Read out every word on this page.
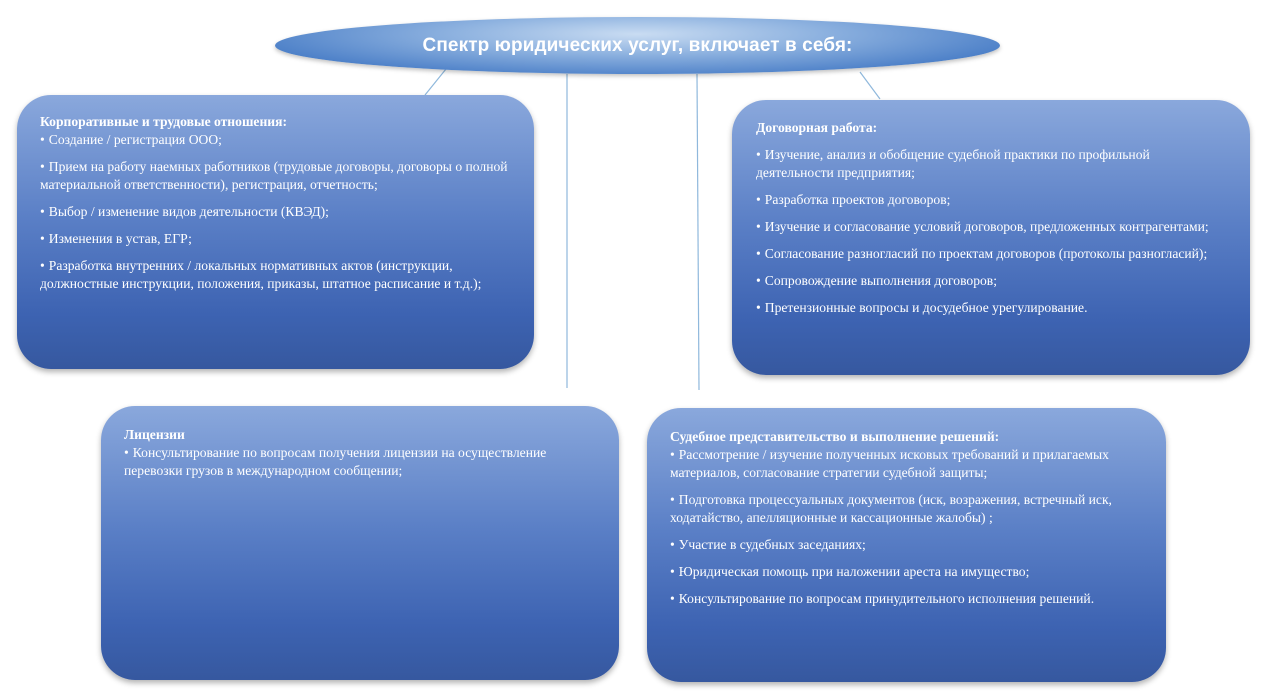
Спектр юридических услуг, включает в себя:
Корпоративные и трудовые отношения:
• Создание / регистрация ООО;
• Прием на работу наемных работников (трудовые договоры, договоры о полной материальной ответственности), регистрация, отчетность;
• Выбор / изменение видов деятельности (КВЭД);
• Изменения в устав, ЕГР;
• Разработка внутренних / локальных нормативных актов (инструкции, должностные инструкции, положения, приказы, штатное расписание и т.д.);
Договорная работа:
• Изучение, анализ и обобщение судебной практики по профильной деятельности предприятия;
• Разработка проектов договоров;
• Изучение и согласование условий договоров, предложенных контрагентами;
• Согласование разногласий по проектам договоров (протоколы разногласий);
• Сопровождение выполнения договоров;
• Претензионные вопросы и досудебное урегулирование.
Лицензии
• Консультирование по вопросам получения лицензии на осуществление перевозки грузов в международном сообщении;
Судебное представительство и выполнение решений:
• Рассмотрение / изучение полученных исковых требований и прилагаемых материалов, согласование стратегии судебной защиты;
• Подготовка процессуальных документов (иск, возражения, встречный иск, ходатайство, апелляционные и кассационные жалобы) ;
• Участие в судебных заседаниях;
• Юридическая помощь при наложении ареста на имущество;
• Консультирование по вопросам принудительного исполнения решений.
